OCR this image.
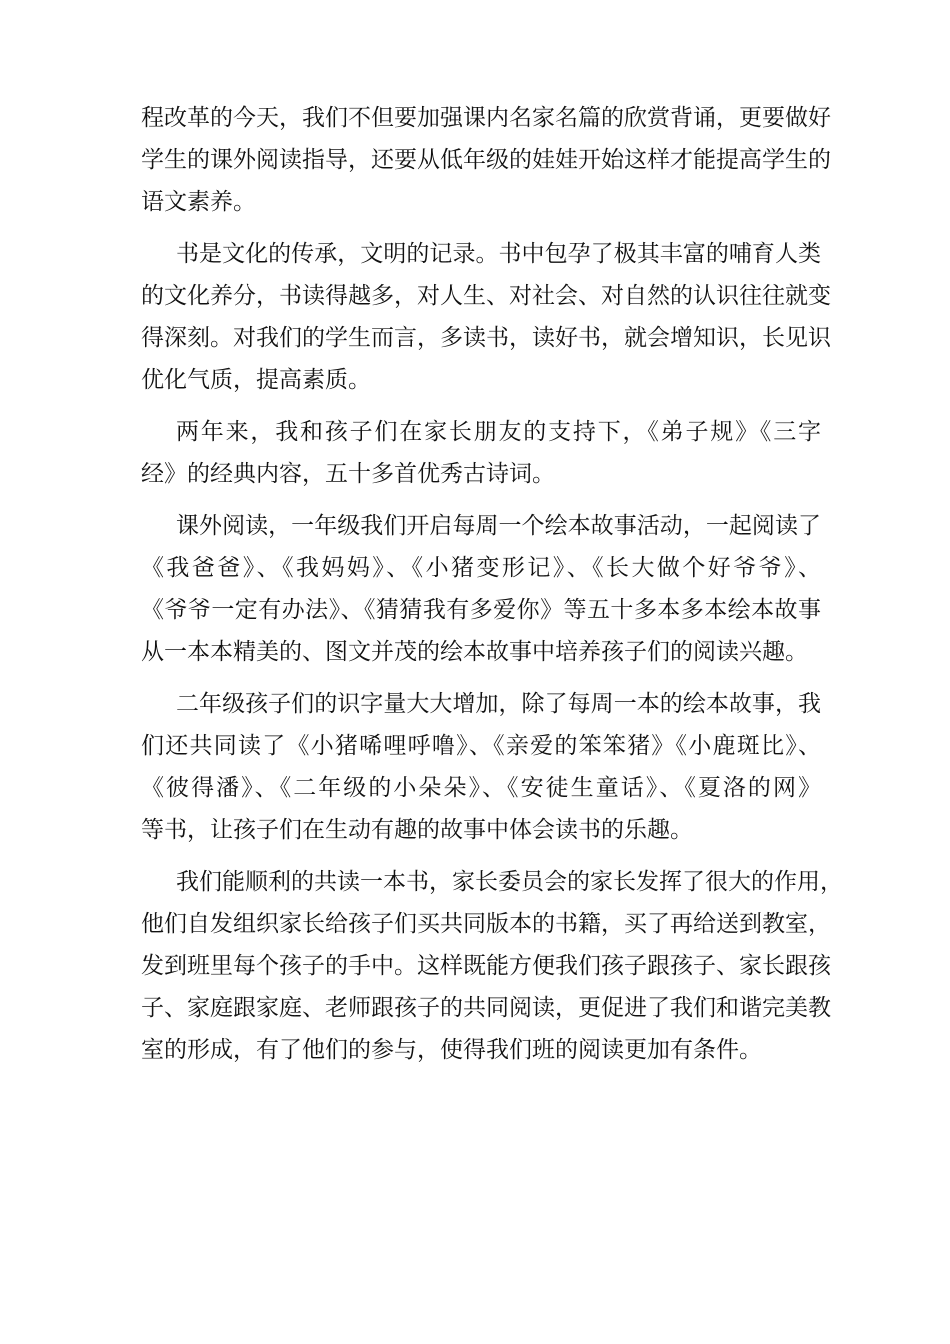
程改革的今天，我们不但要加强课内名家名篇的欣赏背诵，更要做好
学生的课外阅读指导，还要从低年级的娃娃开始这样才能提高学生的
语文素养。
书是文化的传承，文明的记录。书中包孕了极其丰富的哺育人类
的文化养分，书读得越多，对人生、对社会、对自然的认识往往就变
得深刻。对我们的学生而言，多读书，读好书，就会增知识，长见识
优化气质，提高素质。
两年来，我和孩子们在家长朋友的支持下，《弟子规》《三字
经》的经典内容，五十多首优秀古诗词。
课外阅读，一年级我们开启每周一个绘本故事活动，一起阅读了
《我爸爸》、《我妈妈》、《小猪变形记》、《长大做个好爷爷》、
《爷爷一定有办法》、《猜猜我有多爱你》等五十多本多本绘本故事
从一本本精美的、图文并茂的绘本故事中培养孩子们的阅读兴趣。
二年级孩子们的识字量大大增加，除了每周一本的绘本故事，我
们还共同读了《小猪唏哩呼噜》、《亲爱的笨笨猪》《小鹿斑比》、
《彼得潘》、《二年级的小朵朵》、《安徒生童话》、《夏洛的网》
等书，让孩子们在生动有趣的故事中体会读书的乐趣。
我们能顺利的共读一本书，家长委员会的家长发挥了很大的作用，
他们自发组织家长给孩子们买共同版本的书籍，买了再给送到教室，
发到班里每个孩子的手中。这样既能方便我们孩子跟孩子、家长跟孩
子、家庭跟家庭、老师跟孩子的共同阅读，更促进了我们和谐完美教
室的形成，有了他们的参与，使得我们班的阅读更加有条件。
